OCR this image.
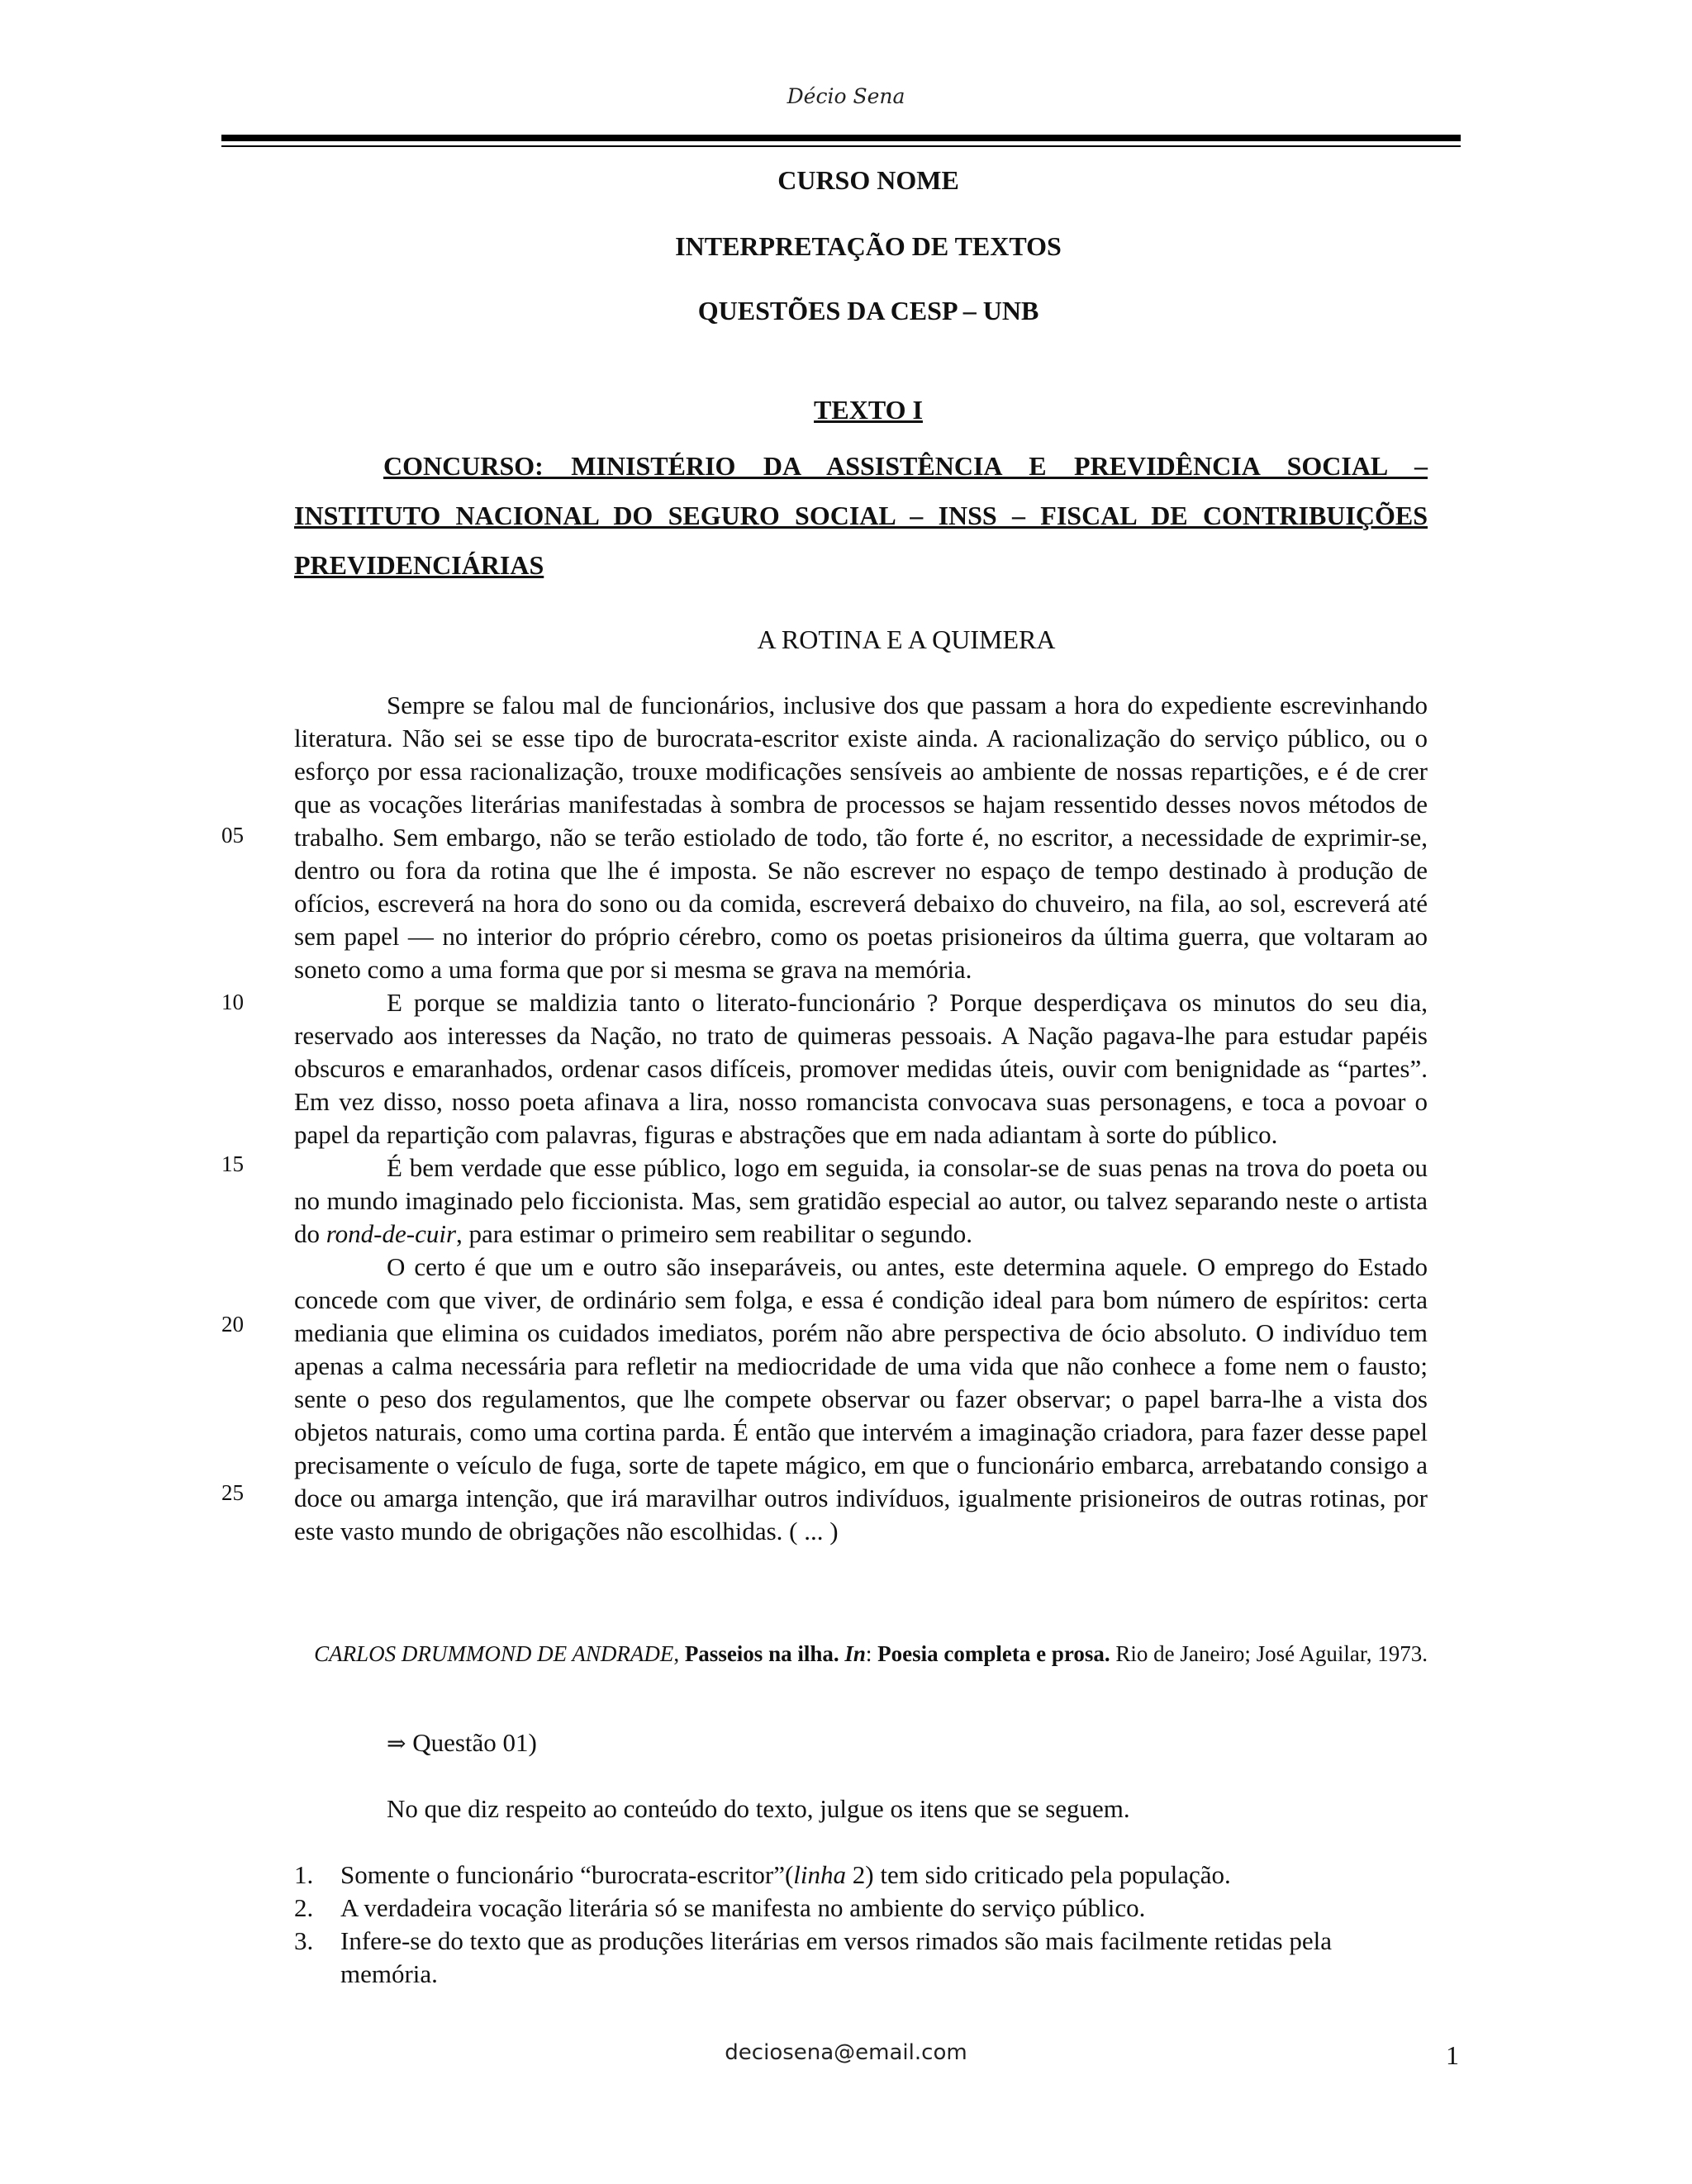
Décio Sena
CURSO NOME
INTERPRETAÇÃO DE TEXTOS
QUESTÕES DA CESP – UNB
TEXTO I
CONCURSO: MINISTÉRIO DA ASSISTÊNCIA E PREVIDÊNCIA SOCIAL – INSTITUTO NACIONAL DO SEGURO SOCIAL – INSS – FISCAL DE CONTRIBUIÇÕES PREVIDENCIÁRIAS
A ROTINA E A QUIMERA

Sempre se falou mal de funcionários, inclusive dos que passam a hora do expediente escrevinhando literatura. Não sei se esse tipo de burocrata-escritor existe ainda. A racionalização do serviço público, ou o esforço por essa racionalização, trouxe modificações sensíveis ao ambiente de nossas repartições, e é de crer que as vocações literárias manifestadas à sombra de processos se hajam ressentido desses novos métodos de trabalho. Sem embargo, não se terão estiolado de todo, tão forte é, no escritor, a necessidade de exprimir-se, dentro ou fora da rotina que lhe é imposta. Se não escrever no espaço de tempo destinado à produção de ofícios, escreverá na hora do sono ou da comida, escreverá debaixo do chuveiro, na fila, ao sol, escreverá até sem papel — no interior do próprio cérebro, como os poetas prisioneiros da última guerra, que voltaram ao soneto como a uma forma que por si mesma se grava na memória.

E porque se maldizia tanto o literato-funcionário ? Porque desperdiçava os minutos do seu dia, reservado aos interesses da Nação, no trato de quimeras pessoais. A Nação pagava-lhe para estudar papéis obscuros e emaranhados, ordenar casos difíceis, promover medidas úteis, ouvir com benignidade as “partes”. Em vez disso, nosso poeta afinava a lira, nosso romancista convocava suas personagens, e toca a povoar o papel da repartição com palavras, figuras e abstrações que em nada adiantam à sorte do público.

É bem verdade que esse público, logo em seguida, ia consolar-se de suas penas na trova do poeta ou no mundo imaginado pelo ficcionista. Mas, sem gratidão especial ao autor, ou talvez separando neste o artista do rond-de-cuir, para estimar o primeiro sem reabilitar o segundo.

O certo é que um e outro são inseparáveis, ou antes, este determina aquele. O emprego do Estado concede com que viver, de ordinário sem folga, e essa é condição ideal para bom número de espíritos: certa mediania que elimina os cuidados imediatos, porém não abre perspectiva de ócio absoluto. O indivíduo tem apenas a calma necessária para refletir na mediocridade de uma vida que não conhece a fome nem o fausto; sente o peso dos regulamentos, que lhe compete observar ou fazer observar; o papel barra-lhe a vista dos objetos naturais, como uma cortina parda. É então que intervém a imaginação criadora, para fazer desse papel precisamente o veículo de fuga, sorte de tapete mágico, em que o funcionário embarca, arrebatando consigo a doce ou amarga intenção, que irá maravilhar outros indivíduos, igualmente prisioneiros de outras rotinas, por este vasto mundo de obrigações não escolhidas. ( ... )

05
10
15
20
25
CARLOS DRUMMOND DE ANDRADE, Passeios na ilha. In: Poesia completa e prosa. Rio de Janeiro; José Aguilar, 1973.
⇒ Questão 01)
No que diz respeito ao conteúdo do texto, julgue os itens que se seguem.
1.	Somente o funcionário “burocrata-escritor”(linha 2) tem sido criticado pela população.
2.	A verdadeira vocação literária só se manifesta no ambiente do serviço público.
3.	Infere-se do texto que as produções literárias em versos rimados são mais facilmente retidas pela memória.
deciosena@email.com	1
